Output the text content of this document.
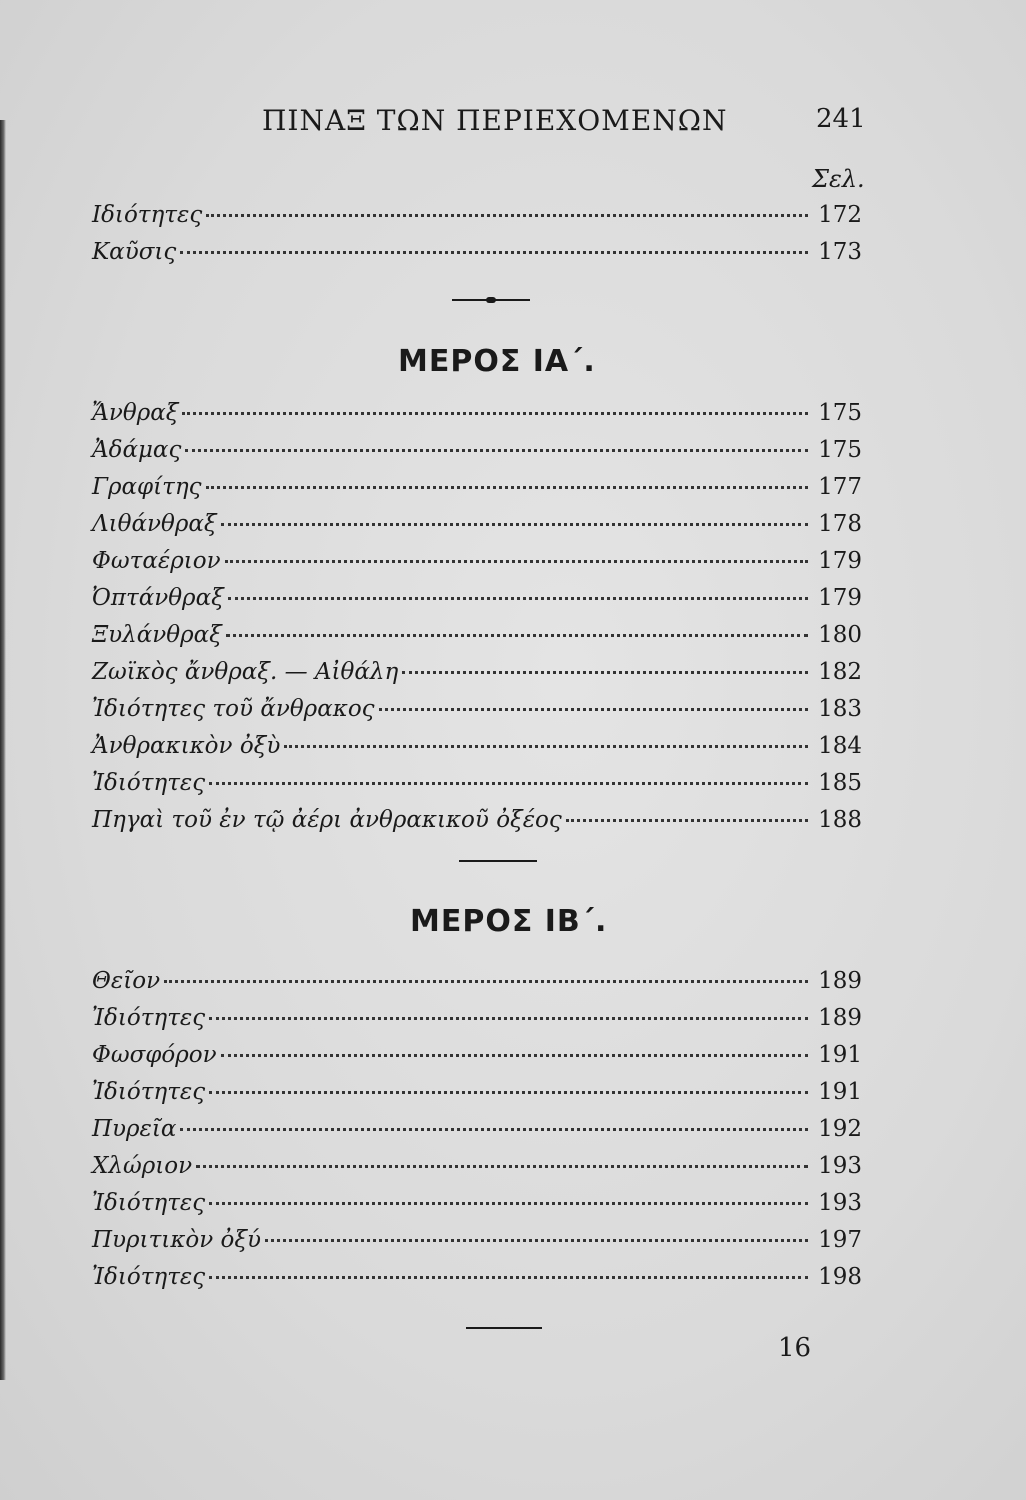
ΠΙΝΑΞ ΤΩΝ ΠΕΡΙΕΧΟΜΕΝΩΝ	241
Σελ.
Ιδιότητες	172
Καῦσις	173
ΜΕΡΟΣ ΙΑ΄.
Ἄνθραξ	175
Ἀδάμας	175
Γραφίτης	177
Λιθάνθραξ	178
Φωταέριον	179
Ὀπτάνθραξ	179
Ξυλάνθραξ	180
Ζωϊκὸς ἄνθραξ. — Αἰθάλη	182
Ἰδιότητες τοῦ ἄνθρακος	183
Ἀνθρακικὸν ὀξὺ	184
Ἰδιότητες	185
Πηγαὶ τοῦ ἐν τῷ ἀέρι ἀνθρακικοῦ ὀξέος	188
ΜΕΡΟΣ ΙΒ΄.
Θεῖον	189
Ἰδιότητες	189
Φωσφόρον	191
Ἰδιότητες	191
Πυρεῖα	192
Χλώριον	193
Ἰδιότητες	193
Πυριτικὸν ὀξύ	197
Ἰδιότητες	198
16
